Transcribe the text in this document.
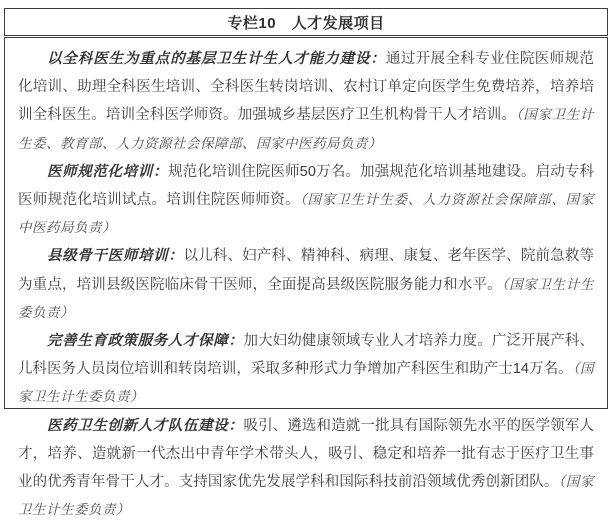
专栏10　人才发展项目

以全科医生为重点的基层卫生计生人才能力建设：通过开展全科专业住院医师规范化培训、助理全科医生培训、全科医生转岗培训、农村订单定向医学生免费培养，培养培训全科医生。培训全科医学师资。加强城乡基层医疗卫生机构骨干人才培训。（国家卫生计生委、教育部、人力资源社会保障部、国家中医药局负责）

医师规范化培训：规范化培训住院医师50万名。加强规范化培训基地建设。启动专科医师规范化培训试点。培训住院医师师资。（国家卫生计生委、人力资源社会保障部、国家中医药局负责）

县级骨干医师培训：以儿科、妇产科、精神科、病理、康复、老年医学、院前急救等为重点，培训县级医院临床骨干医师，全面提高县级医院服务能力和水平。（国家卫生计生委负责）

完善生育政策服务人才保障：加大妇幼健康领域专业人才培养力度。广泛开展产科、儿科医务人员岗位培训和转岗培训，采取多种形式力争增加产科医生和助产士14万名。（国家卫生计生委负责）

医药卫生创新人才队伍建设：吸引、遴选和造就一批具有国际领先水平的医学领军人才，培养、造就新一代杰出中青年学术带头人，吸引、稳定和培养一批有志于医疗卫生事业的优秀青年骨干人才。支持国家优先发展学科和国际科技前沿领域优秀创新团队。（国家卫生计生委负责）
